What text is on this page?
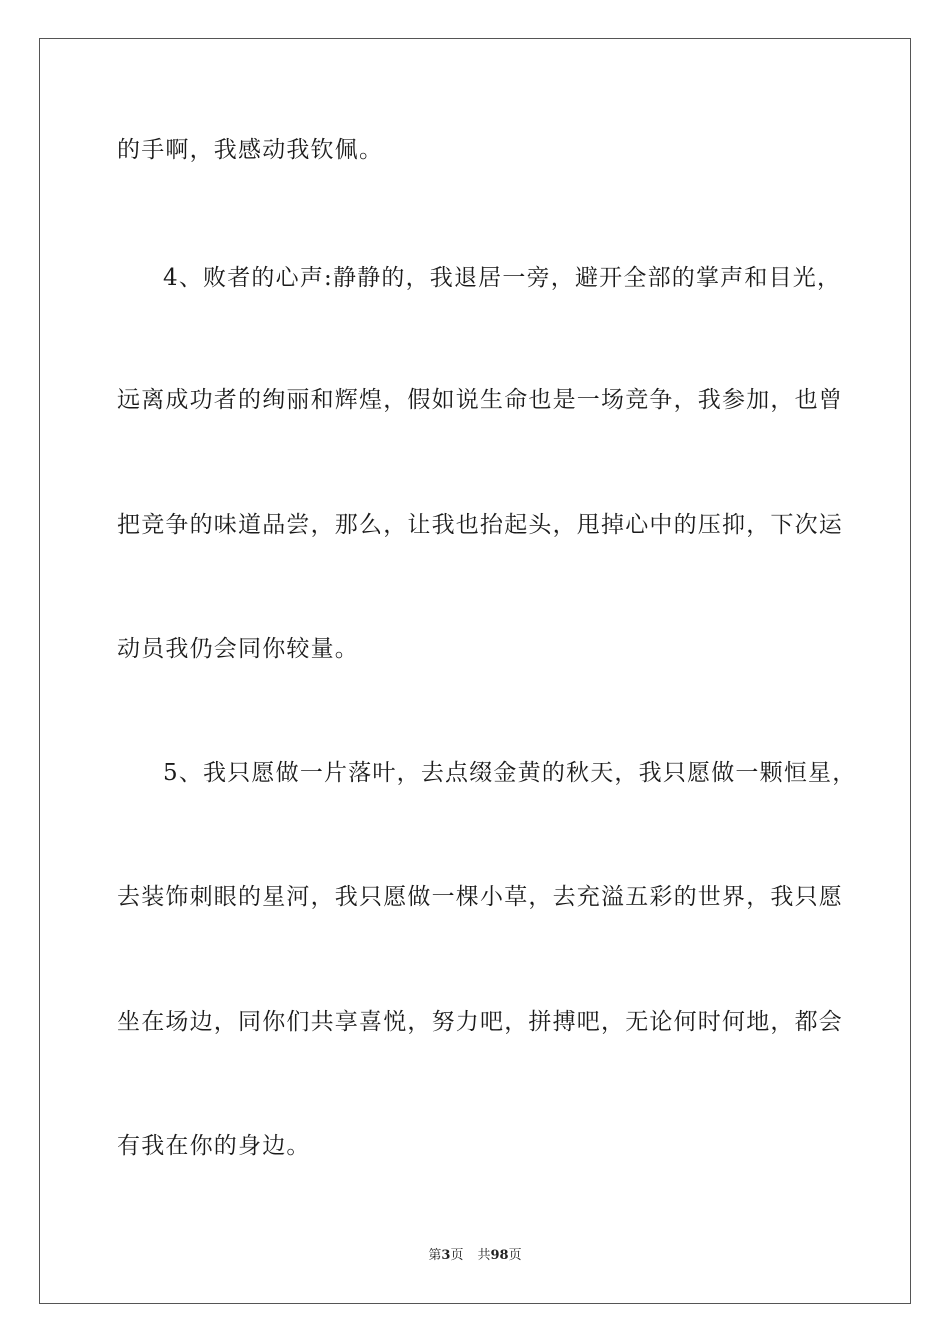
的手啊，我感动我钦佩。
4、败者的心声:静静的，我退居一旁，避开全部的掌声和目光，
远离成功者的绚丽和辉煌，假如说生命也是一场竞争，我参加，也曾
把竞争的味道品尝，那么，让我也抬起头，甩掉心中的压抑，下次运
动员我仍会同你较量。
5、我只愿做一片落叶，去点缀金黄的秋天，我只愿做一颗恒星，
去装饰刺眼的星河，我只愿做一棵小草，去充溢五彩的世界，我只愿
坐在场边，同你们共享喜悦，努力吧，拼搏吧，无论何时何地，都会
有我在你的身边。
第3页 共98页
